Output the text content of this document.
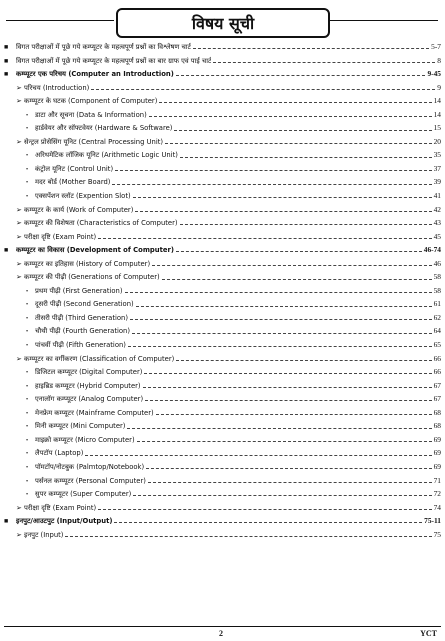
विषय सूची
■	विगत परीक्षाओं में पूछे गये कम्प्यूटर के महत्वपूर्ण प्रश्नों का विश्लेषण चार्ट	5-7
■	विगत परीक्षाओं में पूछे गये कम्प्यूटर के महत्वपूर्ण प्रश्नों का बार ग्राफ एवं पाई चार्ट	8
■	कम्प्यूटर एक परिचय (Computer an Introduction)	9-45
➢ परिचय (Introduction)	9
➢ कम्प्यूटर के घटक (Component of Computer)	14
•	डाटा और सूचना (Data & Information)	14
•	हार्डवेयर और सॉफ्टवेयर (Hardware & Software)	15
➢ सेन्ट्रल प्रोसेसिंग यूनिट (Central Processing Unit)	20
•	अरिथमेटिक लॉजिक यूनिट (Arithmetic Logic Unit)	35
•	कंट्रोल यूनिट (Control Unit)	37
•	मदर बोर्ड (Mother Board)	39
•	एक्सपेंशन स्लॉट (Expention Slot)	41
➢ कम्प्यूटर के कार्य (Work of Computer)	42
➢ कम्प्यूटर की विशेषता (Characteristics of Computer)	43
➢ परीक्षा दृष्टि (Exam Point)	45
■	कम्प्यूटर का विकास (Development of Computer)	46-74
➢ कम्प्यूटर का इतिहास (History of Computer)	46
➢ कम्प्यूटर की पीढ़ी (Generations of Computer)	58
•	प्रथम पीढ़ी (First Generation)	58
•	दूसरी पीढ़ी (Second Generation)	61
•	तीसरी पीढ़ी (Third Generation)	62
•	चौथी पीढ़ी (Fourth Generation)	64
•	पांचवीं पीढ़ी (Fifth Generation)	65
➢ कम्प्यूटर का वर्गीकरण (Classification of Computer)	66
•	डिजिटल कम्प्यूटर (Digital Computer)	66
•	हाइब्रिड कम्प्यूटर (Hybrid Computer)	67
•	एनालॉग कम्प्यूटर (Analog Computer)	67
•	मेनफ्रेम कम्प्यूटर (Mainframe Computer)	68
•	मिनी कम्प्यूटर (Mini Computer)	68
•	माइक्रो कम्प्यूटर (Micro Computer)	69
•	लैपटॉप (Laptop)	69
•	पॉमटॉप/नोटबुक (Palmtop/Notebook)	69
•	पर्सनल कम्प्यूटर (Personal Computer)	71
•	सुपर कम्प्यूटर (Super Computer)	72
➢ परीक्षा दृष्टि (Exam Point)	74
■	इनपुट/आउटपुट (Input/Output)	75-11
➢ इनपुट (Input)	75
2	YCT
